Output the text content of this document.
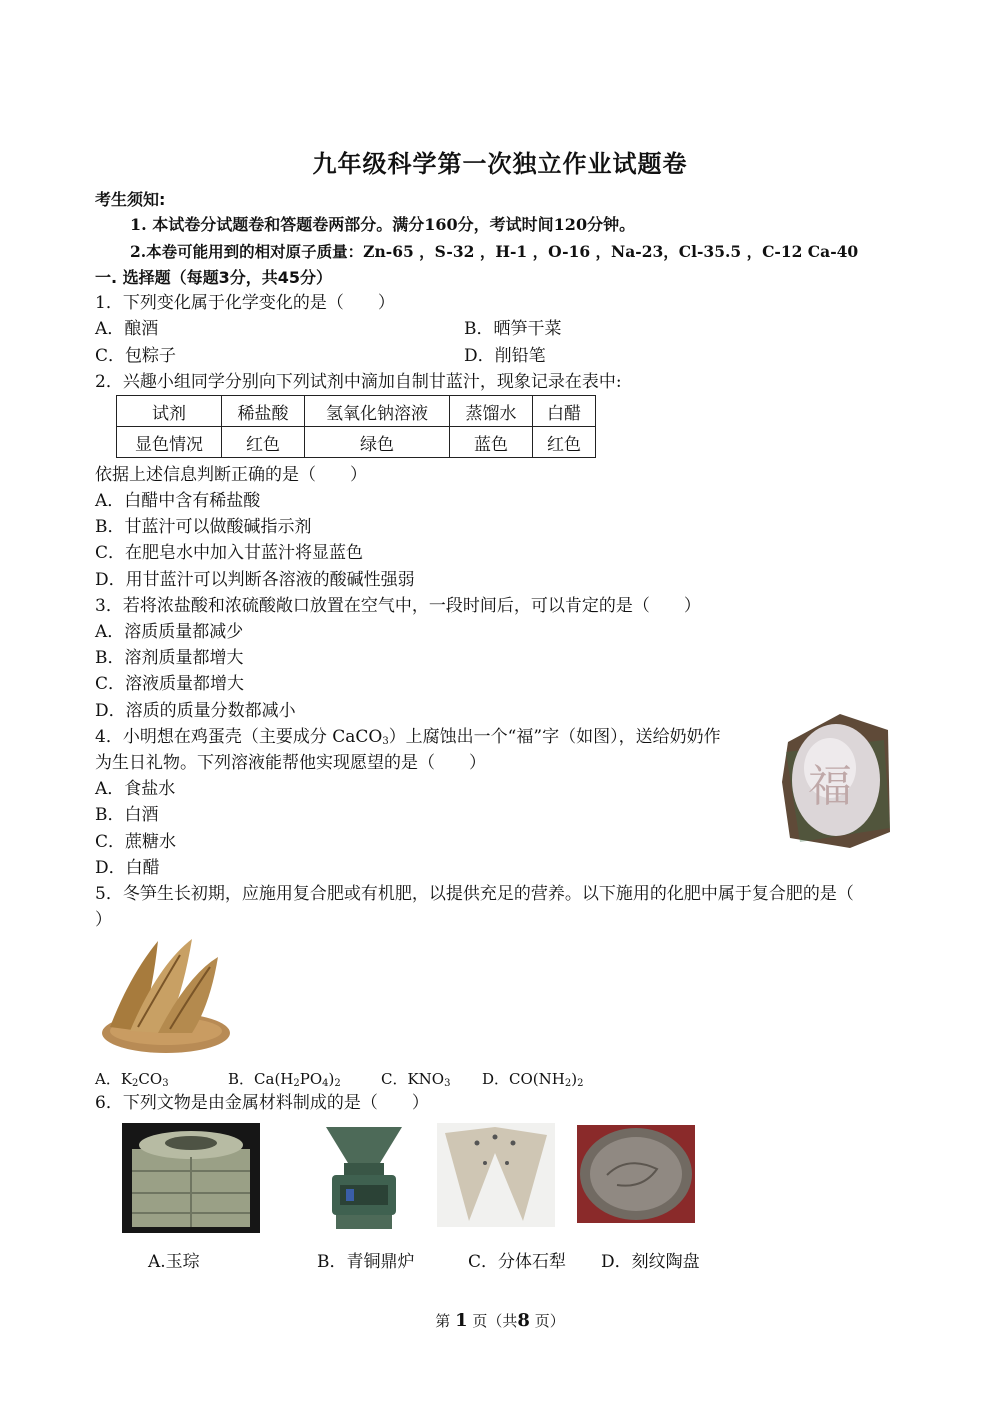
九年级科学第一次独立作业试题卷
考生须知:
1. 本试卷分试题卷和答题卷两部分。满分160分，考试时间120分钟。
2.本卷可能用到的相对原子质量：Zn-65 ，S-32 ，H-1 ，O-16 ，Na-23，Cl-35.5 ，C-12 Ca-40
一. 选择题（每题3分，共45分）
1．下列变化属于化学变化的是（　　）
A．酿酒	B．晒笋干菜
C．包粽子	D．削铅笔
2．兴趣小组同学分别向下列试剂中滴加自制甘蓝汁，现象记录在表中:
试剂	稀盐酸	氢氧化钠溶液	蒸馏水	白醋
显色情况	红色	绿色	蓝色	红色
依据上述信息判断正确的是（　　）
A．白醋中含有稀盐酸
B．甘蓝汁可以做酸碱指示剂
C．在肥皂水中加入甘蓝汁将显蓝色
D．用甘蓝汁可以判断各溶液的酸碱性强弱
3．若将浓盐酸和浓硫酸敞口放置在空气中，一段时间后，可以肯定的是（　　）
A．溶质质量都减少
B．溶剂质量都增大
C．溶液质量都增大
D．溶质的质量分数都减小
4．小明想在鸡蛋壳（主要成分 CaCO$_3$）上腐蚀出一个“福”字（如图），送给奶奶作
为生日礼物。下列溶液能帮他实现愿望的是（　　）
A．食盐水
B．白酒
C．蔗糖水
D．白醋
福
5．冬笋生长初期，应施用复合肥或有机肥，以提供充足的营养。以下施用的化肥中属于复合肥的是（
）
A．$K_2CO_3$	B．$Ca(H_2PO_4)_2$	C．$KNO_3$ D．$CO(NH_2)_2$
6．下列文物是由金属材料制成的是（　　）
A.玉琮	B．青铜鼎炉	C．分体石犁 D．刻纹陶盘
第 1 页（共8 页）
